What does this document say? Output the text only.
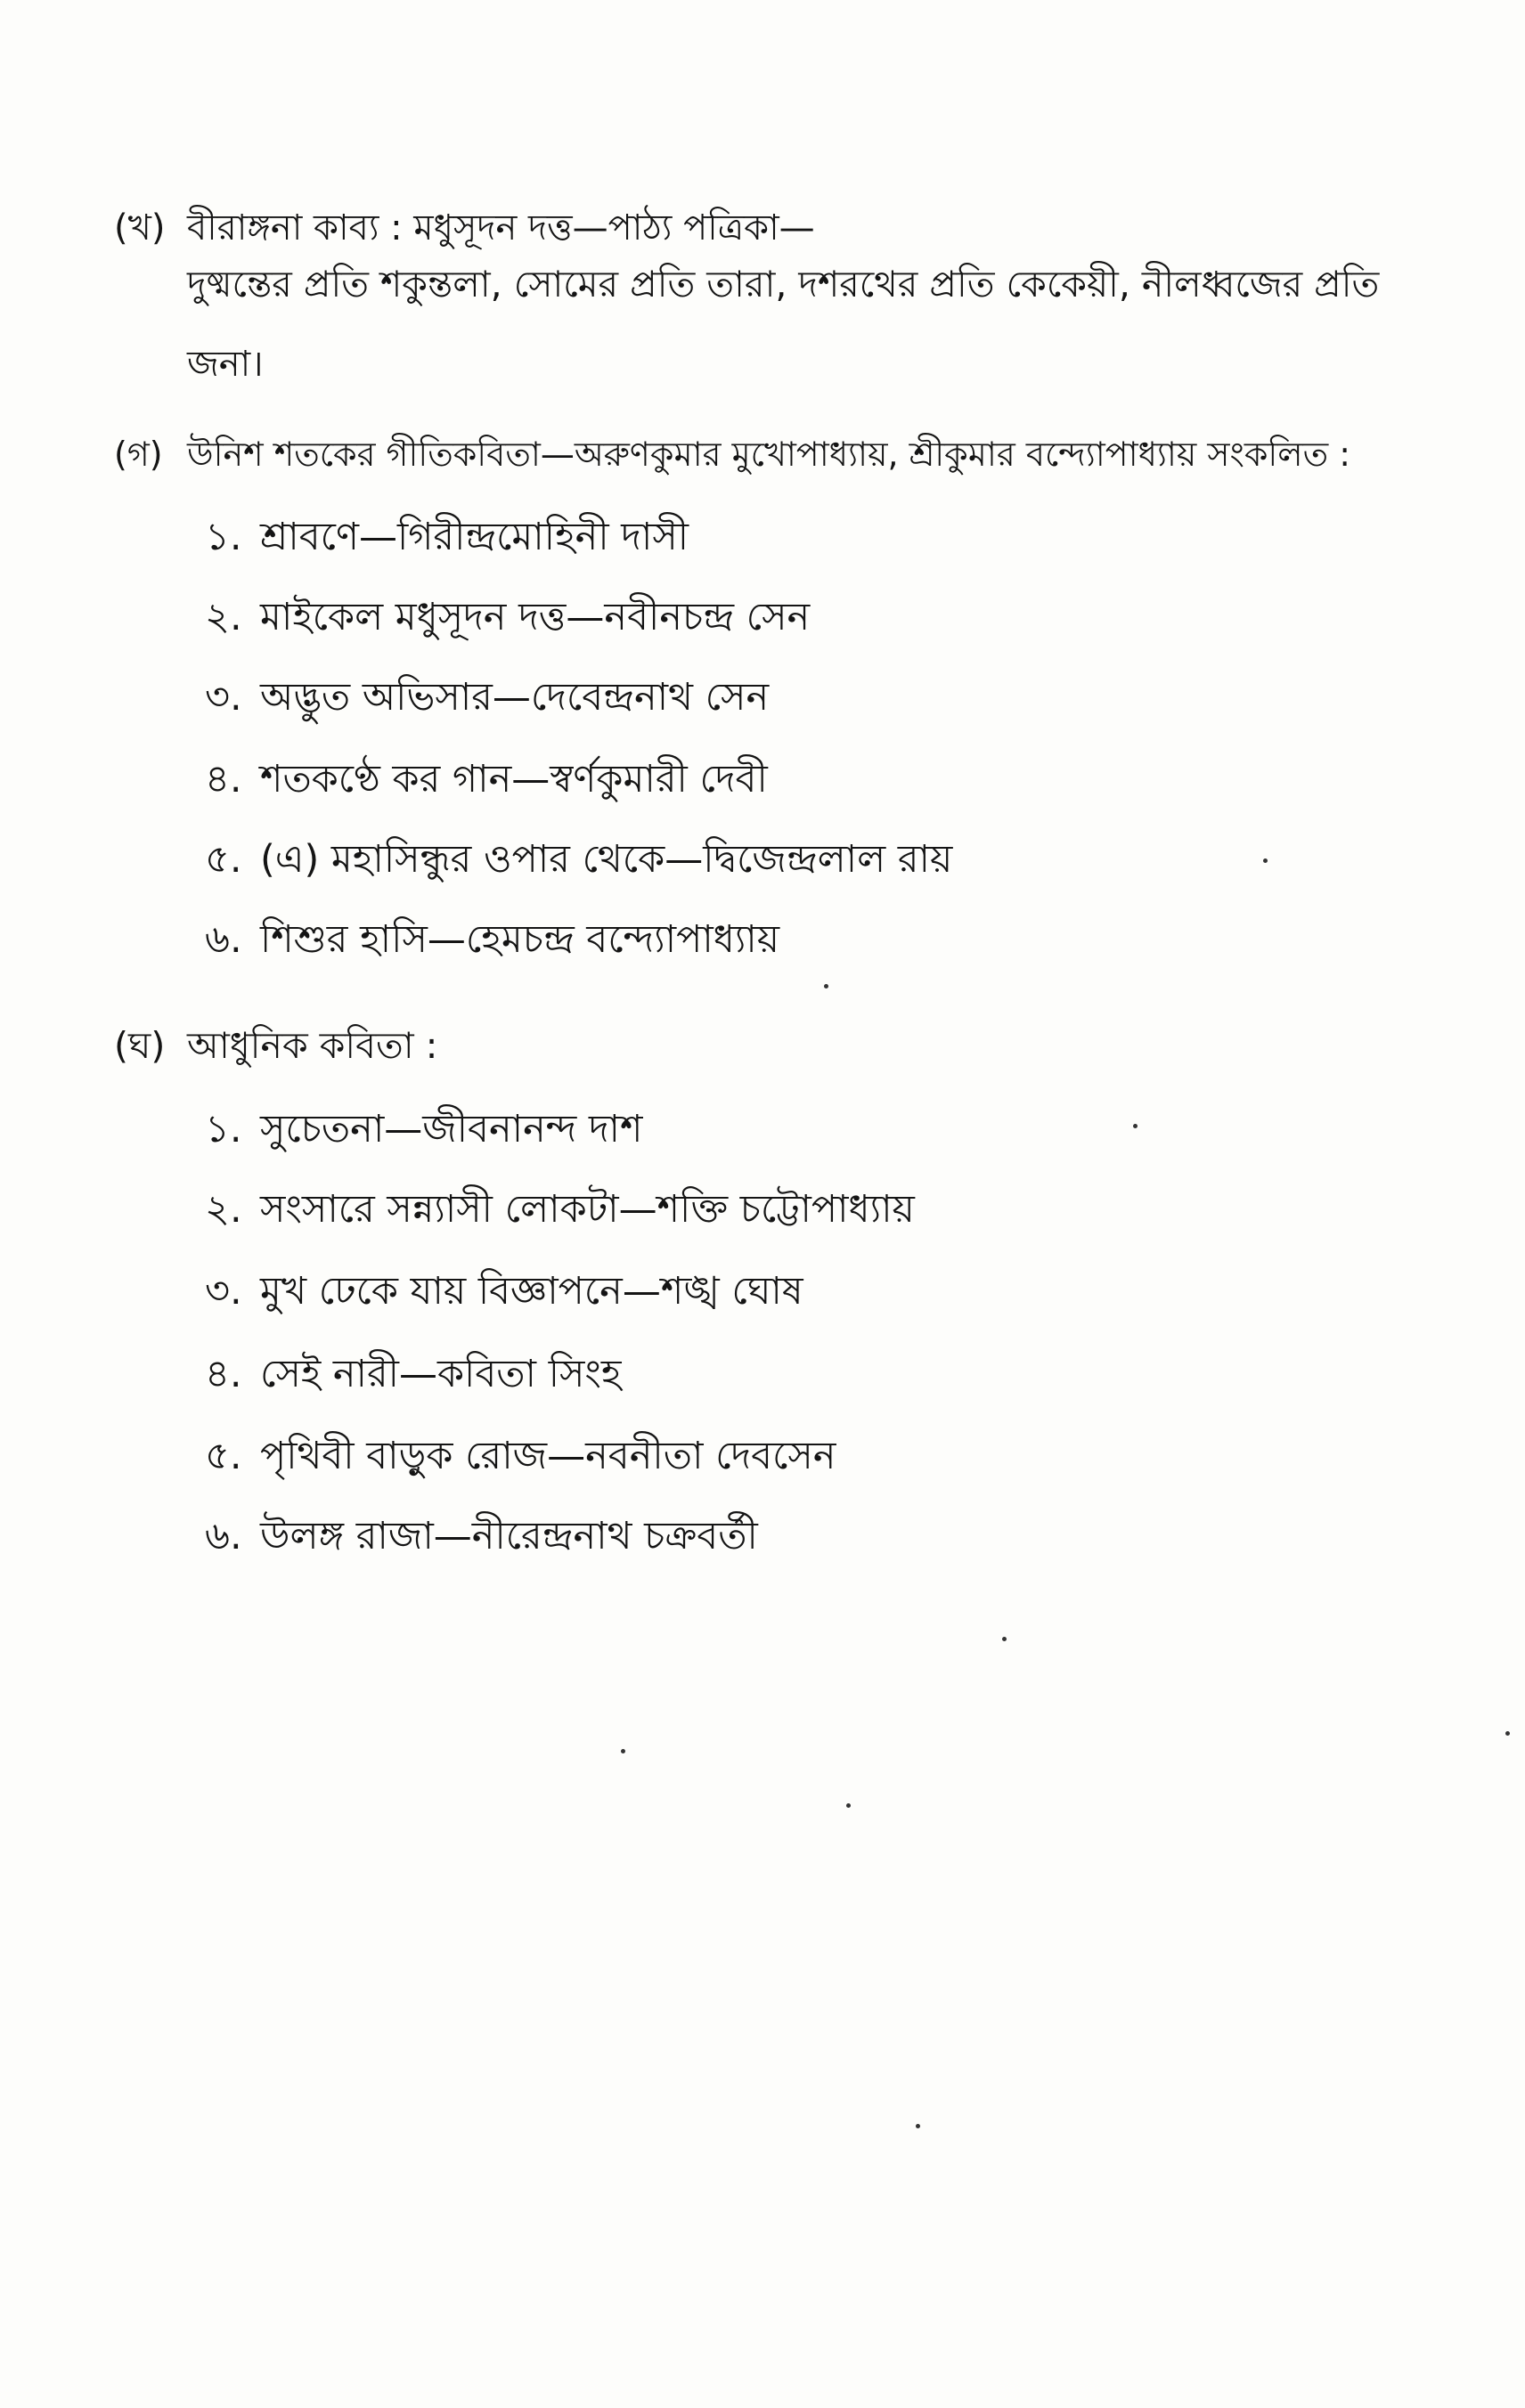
(খ) বীরাঙ্গনা কাব্য : মধুসূদন দত্ত—পাঠ্য পত্রিকা—
দুষ্মন্তের প্রতি শকুন্তলা, সোমের প্রতি তারা, দশরথের প্রতি কেকেয়ী, নীলধ্বজের প্রতি
জনা।
(গ) উনিশ শতকের গীতিকবিতা—অরুণকুমার মুখোপাধ্যায়, শ্রীকুমার বন্দ্যোপাধ্যায় সংকলিত :
১. শ্রাবণে—গিরীন্দ্রমোহিনী দাসী
২. মাইকেল মধুসূদন দত্ত—নবীনচন্দ্র সেন
৩. অদ্ভুত অভিসার—দেবেন্দ্রনাথ সেন
৪. শতকণ্ঠে কর গান—স্বর্ণকুমারী দেবী
৫. (এ) মহাসিন্ধুর ওপার থেকে—দ্বিজেন্দ্রলাল রায়
৬. শিশুর হাসি—হেমচন্দ্র বন্দ্যোপাধ্যায়
(ঘ) আধুনিক কবিতা :
১. সুচেতনা—জীবনানন্দ দাশ
২. সংসারে সন্ন্যাসী লোকটা—শক্তি চট্টোপাধ্যায়
৩. মুখ ঢেকে যায় বিজ্ঞাপনে—শঙ্খ ঘোষ
৪. সেই নারী—কবিতা সিংহ
৫. পৃথিবী বাড়ুক রোজ—নবনীতা দেবসেন
৬. উলঙ্গ রাজা—নীরেন্দ্রনাথ চক্রবর্তী
